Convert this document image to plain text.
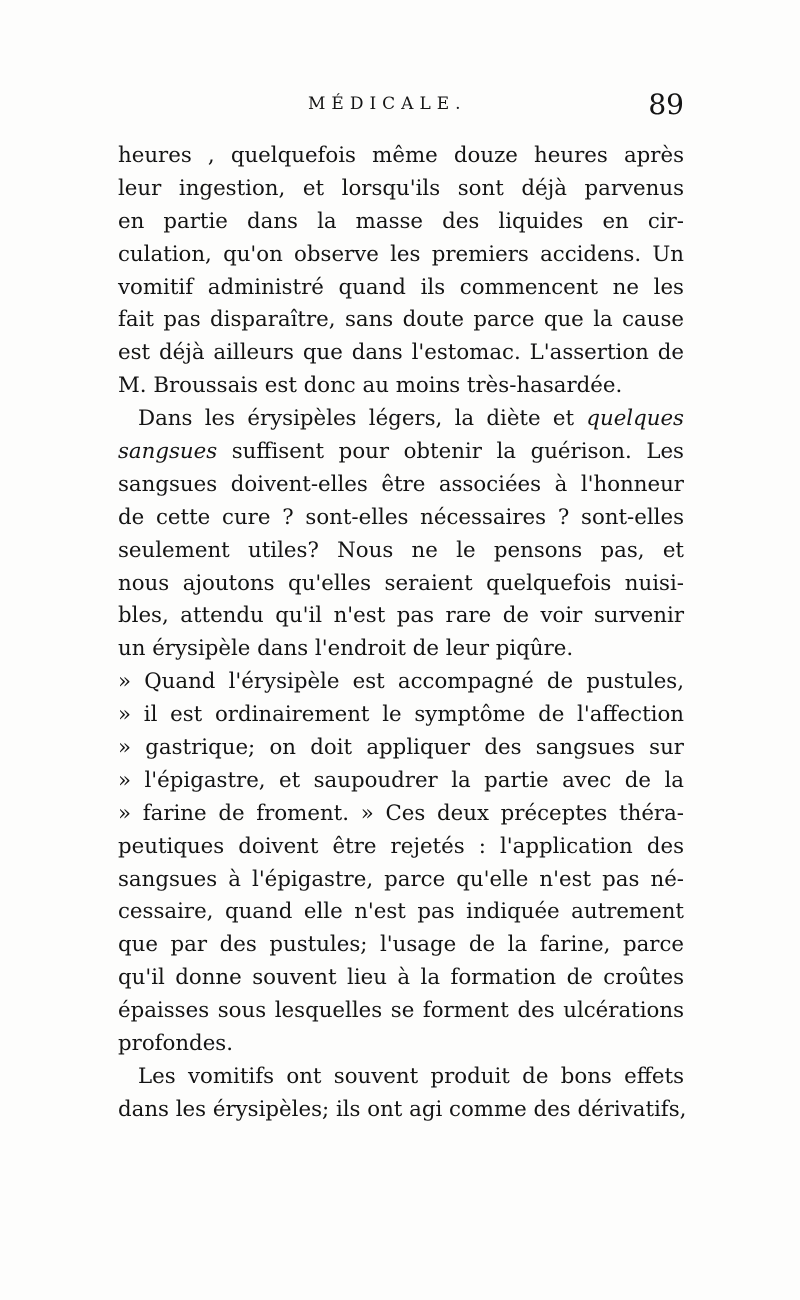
MÉDICALE.	89
heures , quelquefois même douze heures après
leur ingestion, et lorsqu'ils sont déjà parvenus
en partie dans la masse des liquides en cir-
culation, qu'on observe les premiers accidens. Un
vomitif administré quand ils commencent ne les
fait pas disparaître, sans doute parce que la cause
est déjà ailleurs que dans l'estomac. L'assertion de
M. Broussais est donc au moins très-hasardée.
Dans les érysipèles légers, la diète et quelques
sangsues suffisent pour obtenir la guérison. Les
sangsues doivent-elles être associées à l'honneur
de cette cure ? sont-elles nécessaires ? sont-elles
seulement utiles? Nous ne le pensons pas, et
nous ajoutons qu'elles seraient quelquefois nuisi-
bles, attendu qu'il n'est pas rare de voir survenir
un érysipèle dans l'endroit de leur piqûre.
» Quand l'érysipèle est accompagné de pustules,
» il est ordinairement le symptôme de l'affection
» gastrique; on doit appliquer des sangsues sur
» l'épigastre, et saupoudrer la partie avec de la
» farine de froment. » Ces deux préceptes théra-
peutiques doivent être rejetés : l'application des
sangsues à l'épigastre, parce qu'elle n'est pas né-
cessaire, quand elle n'est pas indiquée autrement
que par des pustules; l'usage de la farine, parce
qu'il donne souvent lieu à la formation de croûtes
épaisses sous lesquelles se forment des ulcérations
profondes.
Les vomitifs ont souvent produit de bons effets
dans les érysipèles; ils ont agi comme des dérivatifs,
